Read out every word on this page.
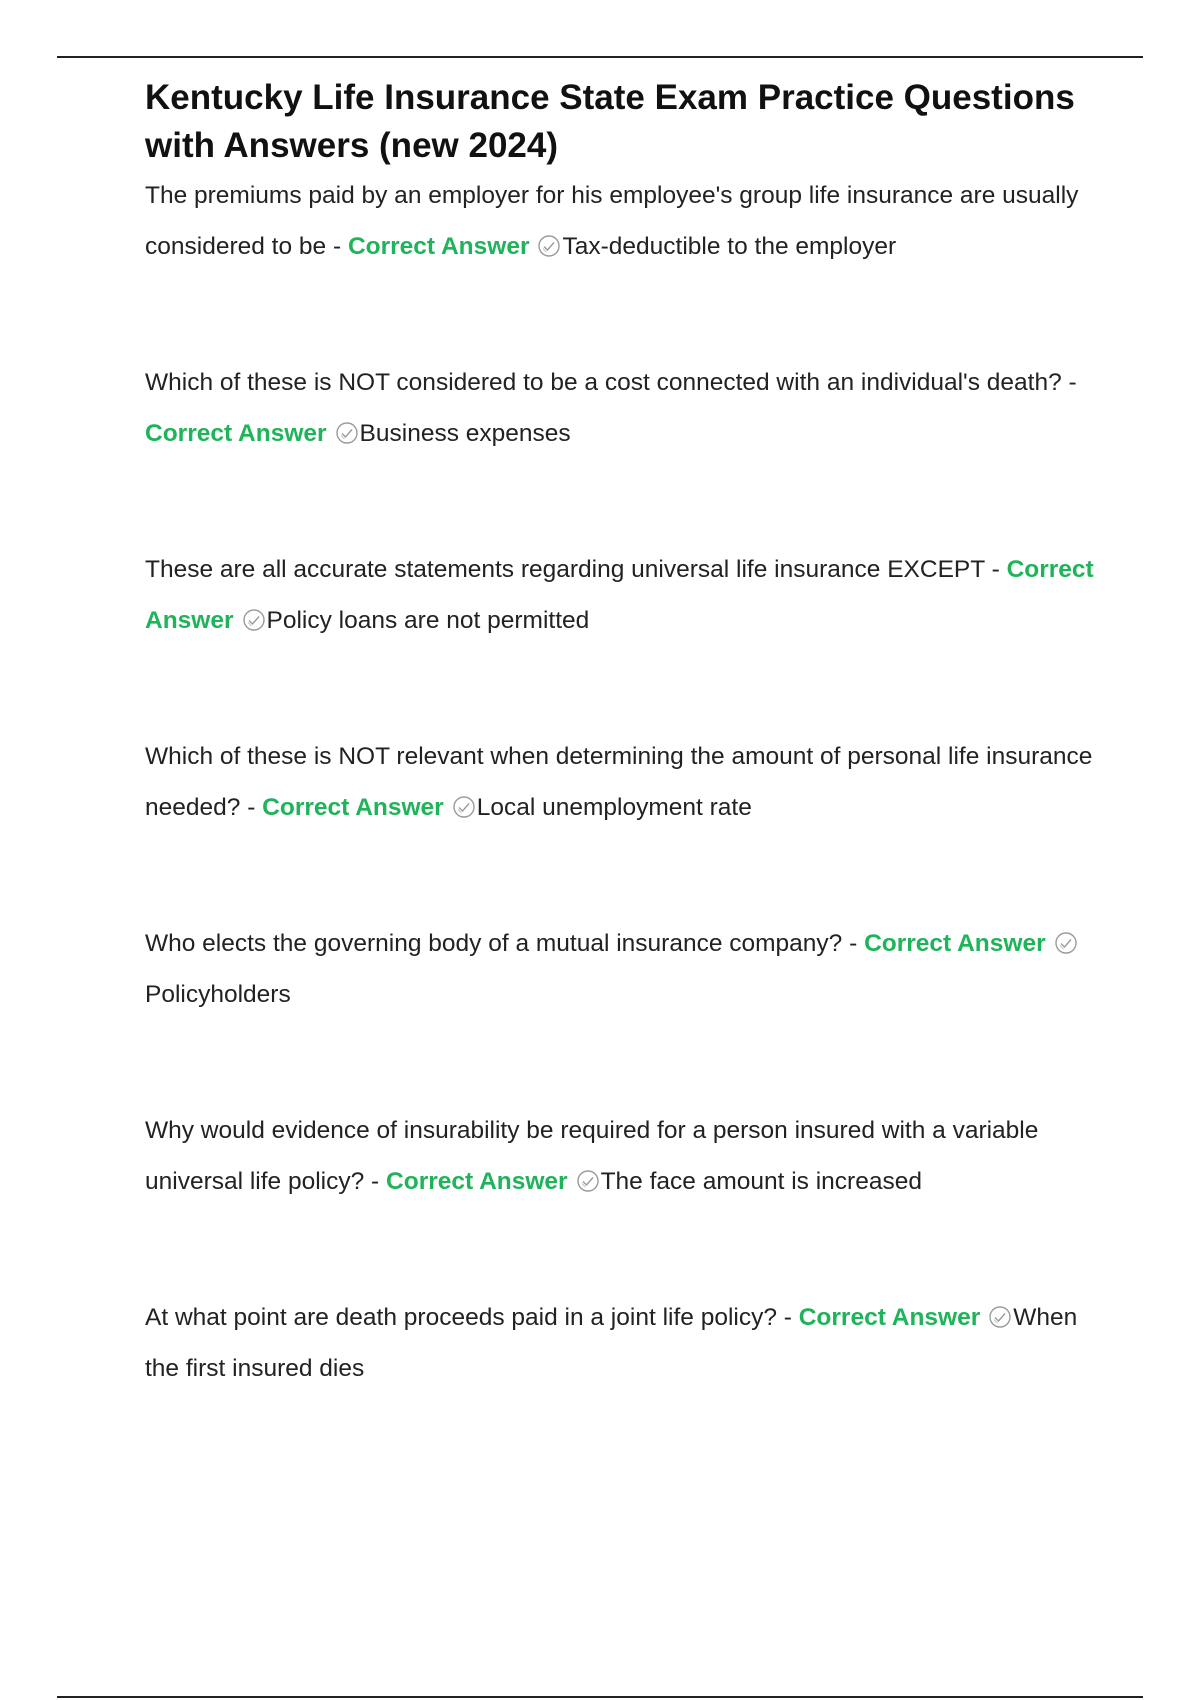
Kentucky Life Insurance State Exam Practice Questions with Answers (new 2024)
The premiums paid by an employer for his employee's group life insurance are usually considered to be - Correct Answer Tax-deductible to the employer
Which of these is NOT considered to be a cost connected with an individual's death? - Correct Answer Business expenses
These are all accurate statements regarding universal life insurance EXCEPT - Correct Answer Policy loans are not permitted
Which of these is NOT relevant when determining the amount of personal life insurance needed? - Correct Answer Local unemployment rate
Who elects the governing body of a mutual insurance company? - Correct Answer
Policyholders
Why would evidence of insurability be required for a person insured with a variable universal life policy? - Correct Answer The face amount is increased
At what point are death proceeds paid in a joint life policy? - Correct Answer When the first insured dies
